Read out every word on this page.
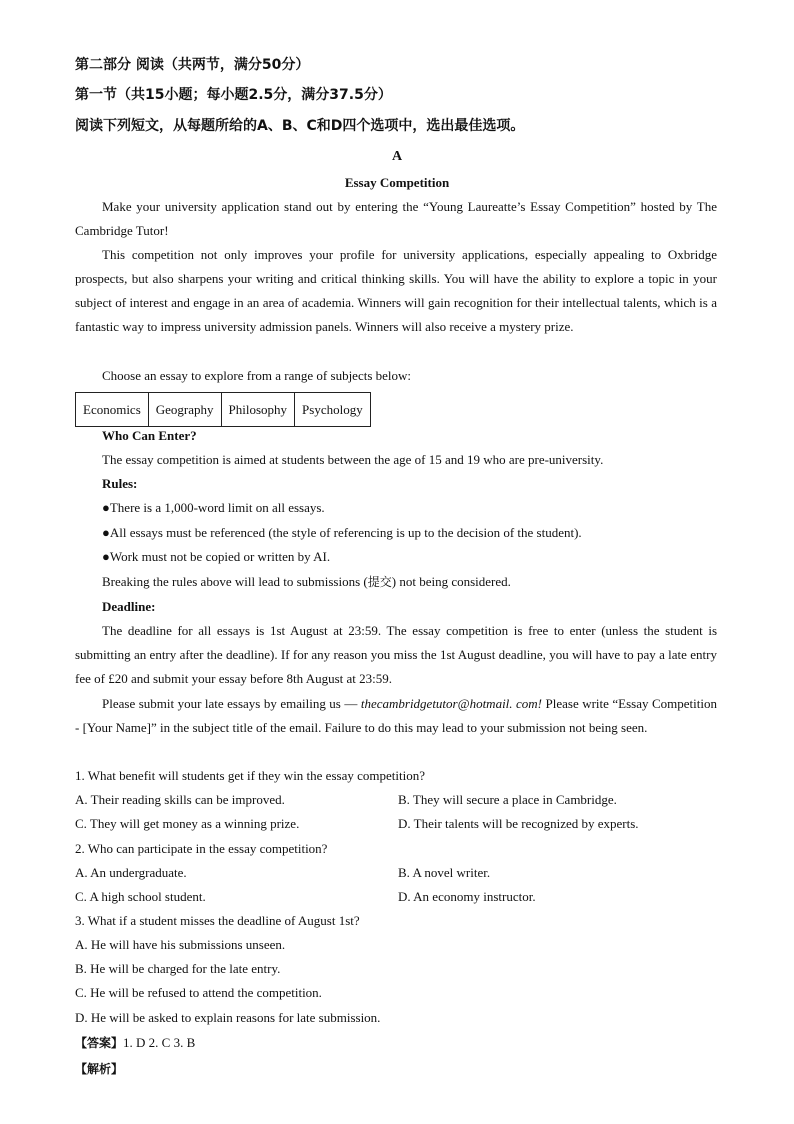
第二部分 阅读（共两节，满分50分）
第一节（共15小题；每小题2.5分，满分37.5分）
阅读下列短文，从每题所给的A、B、C和D四个选项中，选出最佳选项。
A
Essay Competition
Make your university application stand out by entering the “Young Laureatte’s Essay Competition” hosted by The Cambridge Tutor!
This competition not only improves your profile for university applications, especially appealing to Oxbridge prospects, but also sharpens your writing and critical thinking skills. You will have the ability to explore a topic in your subject of interest and engage in an area of academia. Winners will gain recognition for their intellectual talents, which is a fantastic way to impress university admission panels. Winners will also receive a mystery prize.
Choose an essay to explore from a range of subjects below:
Economics	Geography	Philosophy	Psychology
Who Can Enter?
The essay competition is aimed at students between the age of 15 and 19 who are pre-university.
Rules:
●There is a 1,000-word limit on all essays.
●All essays must be referenced (the style of referencing is up to the decision of the student).
●Work must not be copied or written by AI.
Breaking the rules above will lead to submissions (提交) not being considered.
Deadline:
The deadline for all essays is 1st August at 23:59. The essay competition is free to enter (unless the student is submitting an entry after the deadline). If for any reason you miss the 1st August deadline, you will have to pay a late entry fee of £20 and submit your essay before 8th August at 23:59.
Please submit your late essays by emailing us — thecambridgetutor@hotmail. com! Please write “Essay Competition - [Your Name]” in the subject title of the email. Failure to do this may lead to your submission not being seen.
1. What benefit will students get if they win the essay competition?
A. Their reading skills can be improved.	B. They will secure a place in Cambridge.
C. They will get money as a winning prize.	D. Their talents will be recognized by experts.
2. Who can participate in the essay competition?
A. An undergraduate.	B. A novel writer.
C. A high school student.	D. An economy instructor.
3. What if a student misses the deadline of August 1st?
A. He will have his submissions unseen.
B. He will be charged for the late entry.
C. He will be refused to attend the competition.
D. He will be asked to explain reasons for late submission.
【答案】1. D 2. C 3. B
【解析】
